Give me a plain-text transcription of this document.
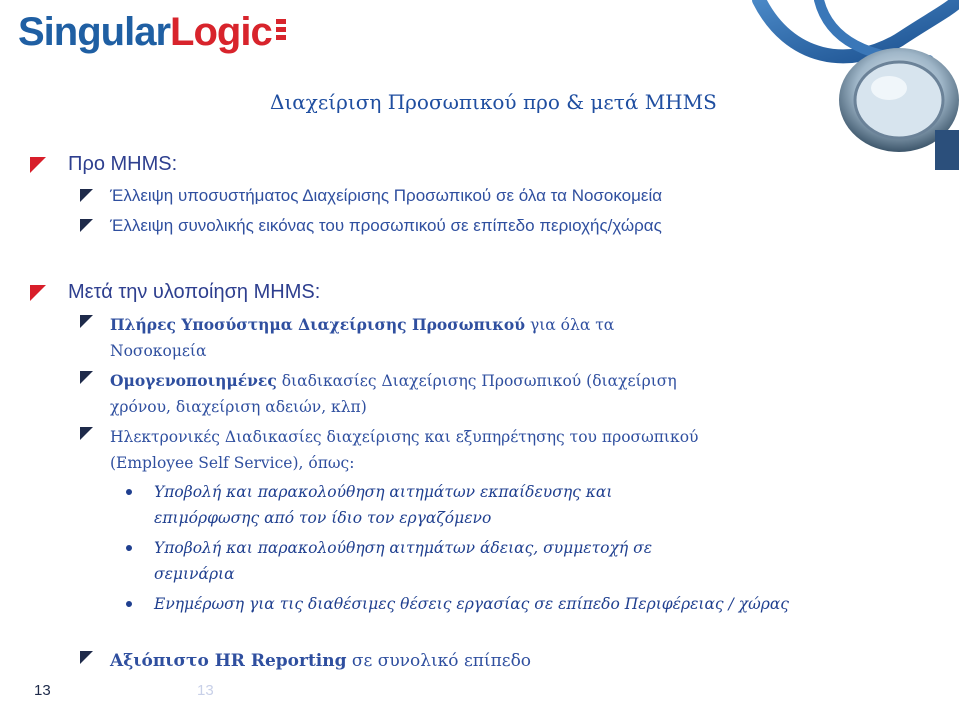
Singular Logic
Διαχείριση Προσωπικού προ & μετά MHMS
Προ MHMS:
Έλλειψη υποσυστήματος Διαχείρισης Προσωπικού σε όλα τα Νοσοκομεία
Έλλειψη συνολικής εικόνας του προσωπικού σε επίπεδο περιοχής/χώρας
Μετά την υλοποίηση MHMS:
Πλήρες Υποσύστημα Διαχείρισης Προσωπικού για όλα τα
Νοσοκομεία
Ομογενοποιημένες διαδικασίες Διαχείρισης Προσωπικού (διαχείριση
χρόνου, διαχείριση αδειών, κλπ)
Ηλεκτρονικές Διαδικασίες διαχείρισης και εξυπηρέτησης του προσωπικού
(Employee Self Service), όπως:
Υποβολή και παρακολούθηση αιτημάτων εκπαίδευσης και επιμόρφωσης από τον ίδιο τον εργαζόμενο
Υποβολή και παρακολούθηση αιτημάτων άδειας, συμμετοχή σε σεμινάρια
Ενημέρωση για τις διαθέσιμες θέσεις εργασίας σε επίπεδο Περιφέρειας / χώρας
Αξιόπιστο HR Reporting σε συνολικό επίπεδο
13	13
